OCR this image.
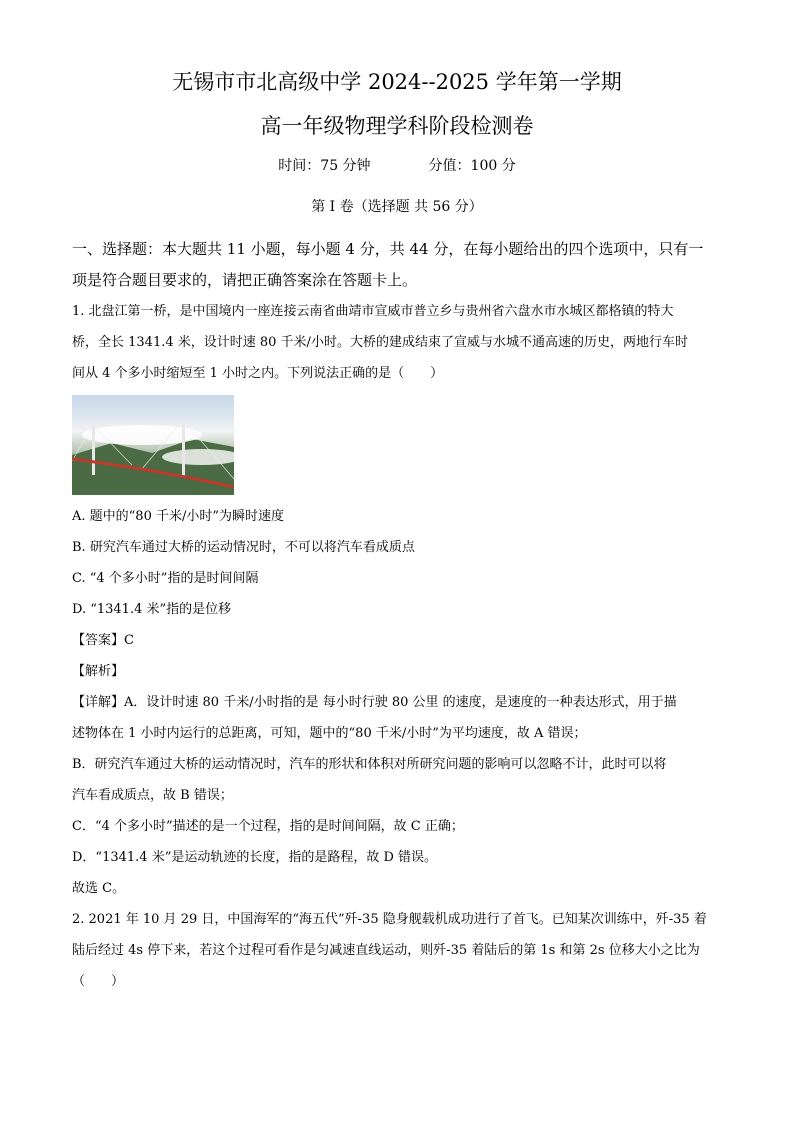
无锡市市北高级中学 2024--2025 学年第一学期
高一年级物理学科阶段检测卷
时间：75 分钟	分值：100 分
第 I 卷（选择题 共 56 分）

一、选择题：本大题共 11 小题，每小题 4 分，共 44 分，在每小题给出的四个选项中，只有一

项是符合题目要求的，请把正确答案涂在答题卡上。

1. 北盘江第一桥，是中国境内一座连接云南省曲靖市宣威市普立乡与贵州省六盘水市水城区都格镇的特大

桥，全长 1341.4 米，设计时速 80 千米/小时。大桥的建成结束了宣威与水城不通高速的历史，两地行车时

间从 4 个多小时缩短至 1 小时之内。下列说法正确的是（　　）

A. 题中的“80 千米/小时”为瞬时速度

B. 研究汽车通过大桥的运动情况时，不可以将汽车看成质点

C. “4 个多小时”指的是时间间隔

D. “1341.4 米”指的是位移

【答案】C

【解析】

【详解】A．设计时速 80 千米/小时指的是 每小时行驶 80 公里 的速度，是速度的一种表达形式，用于描

述物体在 1 小时内运行的总距离，可知，题中的“80 千米/小时”为平均速度，故 A 错误；

B．研究汽车通过大桥的运动情况时，汽车的形状和体积对所研究问题的影响可以忽略不计，此时可以将

汽车看成质点，故 B 错误；

C．“4 个多小时”描述的是一个过程，指的是时间间隔，故 C 正确；

D．“1341.4 米”是运动轨迹的长度，指的是路程，故 D 错误。

故选 C。

2. 2021 年 10 月 29 日，中国海军的“海五代”歼-35 隐身舰载机成功进行了首飞。已知某次训练中，歼-35 着

陆后经过 4s 停下来，若这个过程可看作是匀减速直线运动，则歼-35 着陆后的第 1s 和第 2s 位移大小之比为

（　　）
